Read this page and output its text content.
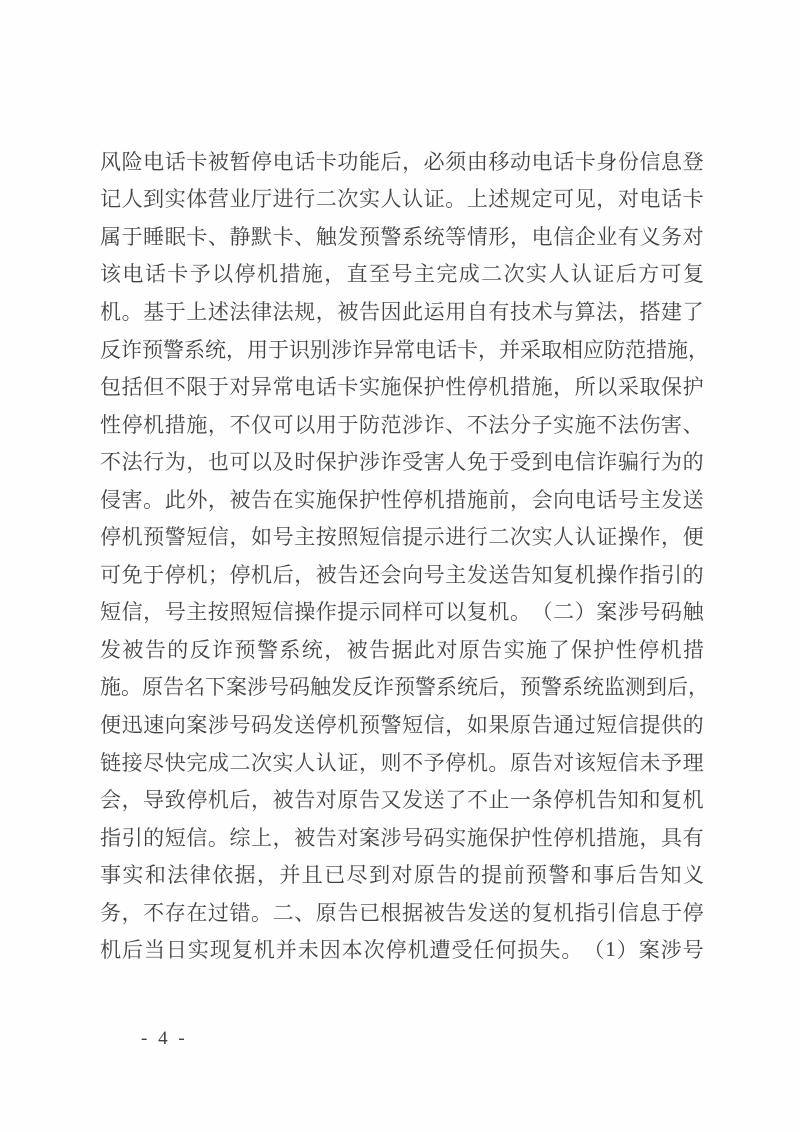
风 险 电 话 卡 被 暂 停 电 话 卡 功 能 后 ， 必 须 由 移 动 电 话 卡 身 份 信 息 登
记 人 到 实 体 营 业 厅 进 行 二 次 实 人 认 证 。 上 述 规 定 可 见 ， 对 电 话 卡
属 于 睡 眠 卡 、 静 默 卡 、 触 发 预 警 系 统 等 情 形 ， 电 信 企 业 有 义 务 对
该 电 话 卡 予 以 停 机 措 施 ， 直 至 号 主 完 成 二 次 实 人 认 证 后 方 可 复
机 。 基 于 上 述 法 律 法 规 ， 被 告 因 此 运 用 自 有 技 术 与 算 法 ， 搭 建 了
反 诈 预 警 系 统 ， 用 于 识 别 涉 诈 异 常 电 话 卡 ， 并 采 取 相 应 防 范 措 施 ，
包 括 但 不 限 于 对 异 常 电 话 卡 实 施 保 护 性 停 机 措 施 ， 所 以 采 取 保 护
性 停 机 措 施 ， 不 仅 可 以 用 于 防 范 涉 诈 、 不 法 分 子 实 施 不 法 伤 害 、
不 法 行 为 ， 也 可 以 及 时 保 护 涉 诈 受 害 人 免 于 受 到 电 信 诈 骗 行 为 的
侵 害 。 此 外 ， 被 告 在 实 施 保 护 性 停 机 措 施 前 ， 会 向 电 话 号 主 发 送
停 机 预 警 短 信 ， 如 号 主 按 照 短 信 提 示 进 行 二 次 实 人 认 证 操 作 ， 便
可 免 于 停 机 ； 停 机 后 ， 被 告 还 会 向 号 主 发 送 告 知 复 机 操 作 指 引 的
短 信 ， 号 主 按 照 短 信 操 作 提 示 同 样 可 以 复 机 。 （ 二 ） 案 涉 号 码 触
发 被 告 的 反 诈 预 警 系 统 ， 被 告 据 此 对 原 告 实 施 了 保 护 性 停 机 措
施 。 原 告 名 下 案 涉 号 码 触 发 反 诈 预 警 系 统 后 ， 预 警 系 统 监 测 到 后 ，
便 迅 速 向 案 涉 号 码 发 送 停 机 预 警 短 信 ， 如 果 原 告 通 过 短 信 提 供 的
链 接 尽 快 完 成 二 次 实 人 认 证 ， 则 不 予 停 机 。 原 告 对 该 短 信 未 予 理
会 ， 导 致 停 机 后 ， 被 告 对 原 告 又 发 送 了 不 止 一 条 停 机 告 知 和 复 机
指 引 的 短 信 。 综 上 ， 被 告 对 案 涉 号 码 实 施 保 护 性 停 机 措 施 ， 具 有
事 实 和 法 律 依 据 ， 并 且 已 尽 到 对 原 告 的 提 前 预 警 和 事 后 告 知 义
务 ， 不 存 在 过 错 。 二 、 原 告 已 根 据 被 告 发 送 的 复 机 指 引 信 息 于 停
机 后 当 日 实 现 复 机 并 未 因 本 次 停 机 遭 受 任 何 损 失 。 （ 1 ） 案 涉 号
- 4 -
